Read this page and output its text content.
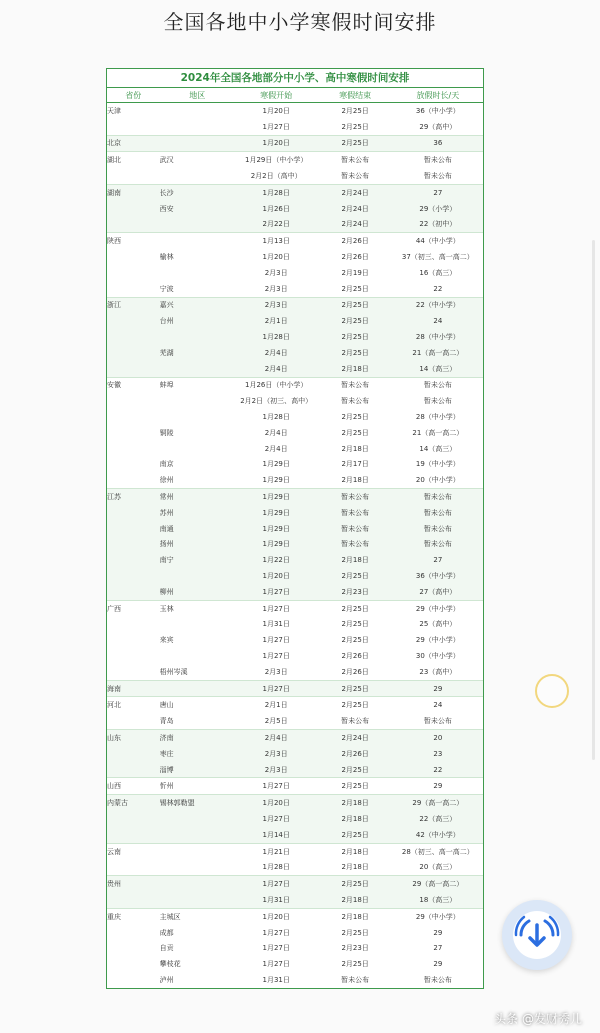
全国各地中小学寒假时间安排
2024年全国各地部分中小学、高中寒假时间安排
省份	地区	寒假开始	寒假结束	放假时长/天
天津		1月20日	2月25日	36（中小学）
		1月27日	2月25日	29（高中）
北京		1月20日	2月25日	36
湖北	武汉	1月29日（中小学）	暂未公布	暂未公布
		2月2日（高中）	暂未公布	暂未公布
湖南	长沙	1月28日	2月24日	27
	西安	1月26日	2月24日	29（小学）
		2月22日	2月24日	22（初中）
陕西		1月13日	2月26日	44（中小学）
	榆林	1月20日	2月26日	37（初三、高一高二）
		2月3日	2月19日	16（高三）
	宁波	2月3日	2月25日	22
浙江	嘉兴	2月3日	2月25日	22（中小学）
	台州	2月1日	2月25日	24
		1月28日	2月25日	28（中小学）
	芜湖	2月4日	2月25日	21（高一高二）
		2月4日	2月18日	14（高三）
安徽	蚌埠	1月26日（中小学）	暂未公布	暂未公布
		2月2日（初三、高中）	暂未公布	暂未公布
		1月28日	2月25日	28（中小学）
	铜陵	2月4日	2月25日	21（高一高二）
		2月4日	2月18日	14（高三）
	南京	1月29日	2月17日	19（中小学）
	徐州	1月29日	2月18日	20（中小学）
江苏	常州	1月29日	暂未公布	暂未公布
	苏州	1月29日	暂未公布	暂未公布
	南通	1月29日	暂未公布	暂未公布
	扬州	1月29日	暂未公布	暂未公布
	南宁	1月22日	2月18日	27
		1月20日	2月25日	36（中小学）
	柳州	1月27日	2月23日	27（高中）
广西	玉林	1月27日	2月25日	29（中小学）
		1月31日	2月25日	25（高中）
	来宾	1月27日	2月25日	29（中小学）
		1月27日	2月26日	30（中小学）
	梧州岑溪	2月3日	2月26日	23（高中）
海南		1月27日	2月25日	29
河北	唐山	2月1日	2月25日	24
	青岛	2月5日	暂未公布	暂未公布
山东	济南	2月4日	2月24日	20
	枣庄	2月3日	2月26日	23
	淄博	2月3日	2月25日	22
山西	忻州	1月27日	2月25日	29
内蒙古	锡林郭勒盟	1月20日	2月18日	29（高一高二）
		1月27日	2月18日	22（高三）
		1月14日	2月25日	42（中小学）
云南		1月21日	2月18日	28（初三、高一高二）
		1月28日	2月18日	20（高三）
贵州		1月27日	2月25日	29（高一高二）
		1月31日	2月18日	18（高三）
重庆	主城区	1月20日	2月18日	29（中小学）
	成都	1月27日	2月25日	29
	自贡	1月27日	2月23日	27
	攀枝花	1月27日	2月25日	29
	泸州	1月31日	暂未公布	暂未公布
头条 @发财秀儿
